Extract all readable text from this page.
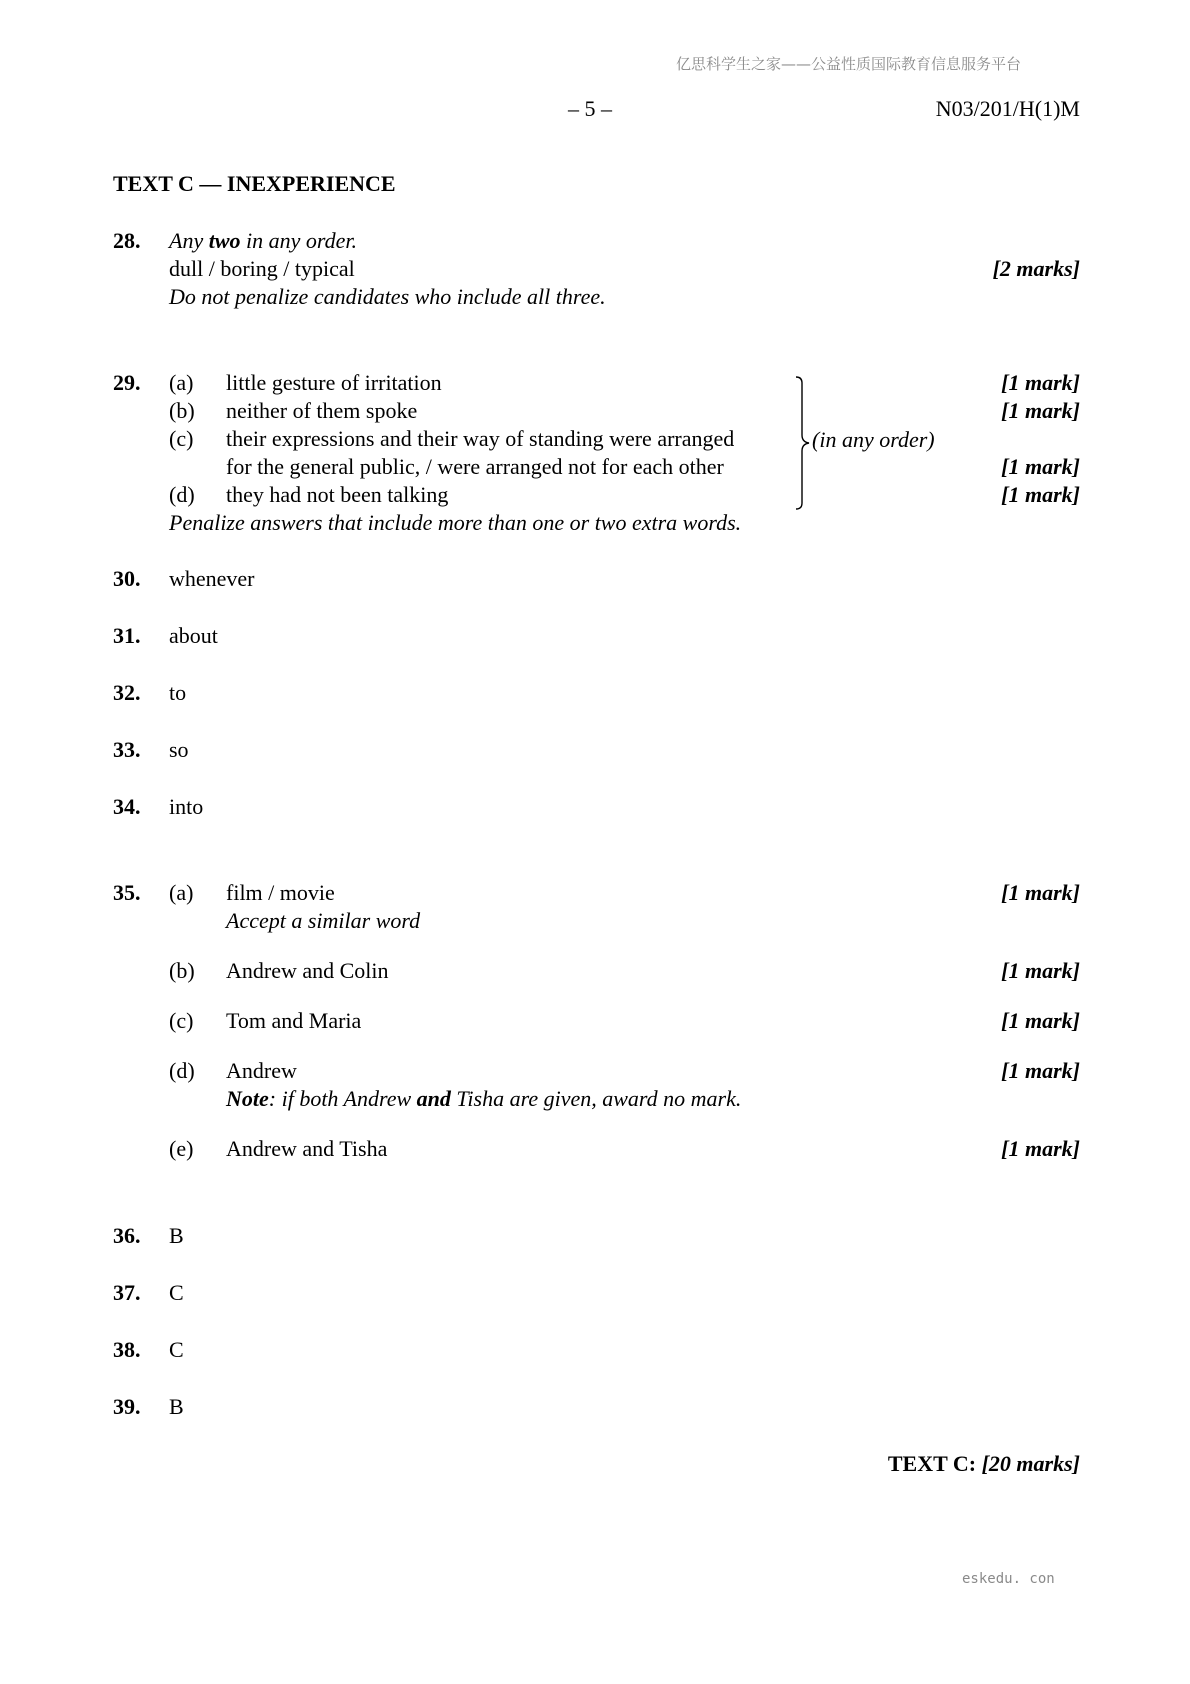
亿思科学生之家——公益性质国际教育信息服务平台
– 5 –	N03/201/H(1)M
TEXT C — INEXPERIENCE
28. Any two in any order.
dull / boring / typical	[2 marks]
Do not penalize candidates who include all three.
29. (a) little gesture of irritation	[1 mark]
(b) neither of them spoke	[1 mark]
(c) their expressions and their way of standing were arranged
for the general public, / were arranged not for each other	[1 mark]
(d) they had not been talking	[1 mark]
(in any order)
Penalize answers that include more than one or two extra words.
30. whenever
31. about
32. to
33. so
34. into
35. (a) film / movie	[1 mark]
Accept a similar word
(b) Andrew and Colin	[1 mark]
(c) Tom and Maria	[1 mark]
(d) Andrew	[1 mark]
Note: if both Andrew and Tisha are given, award no mark.
(e) Andrew and Tisha	[1 mark]
36. B
37. C
38. C
39. B
TEXT C: [20 marks]
eskedu. con
